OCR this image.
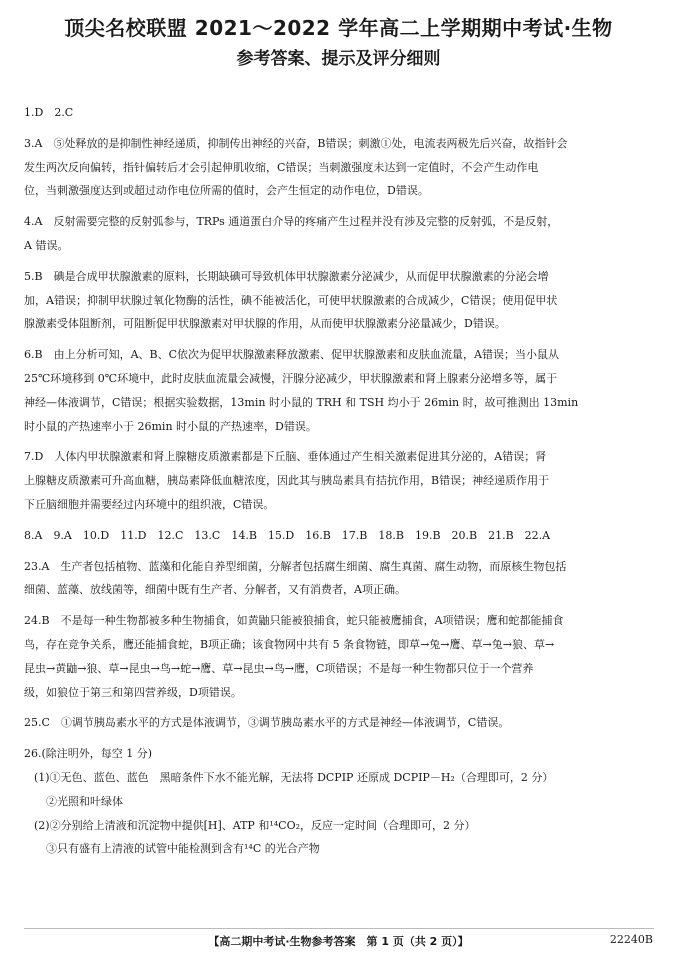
顶尖名校联盟 2021～2022 学年高二上学期期中考试·生物
参考答案、提示及评分细则
1.D　2.C
3.A　⑤处释放的是抑制性神经递质，抑制传出神经的兴奋，B错误；刺激①处，电流表两极先后兴奋，故指针会
发生两次反向偏转，指针偏转后才会引起伸肌收缩，C错误；当刺激强度未达到一定值时，不会产生动作电
位，当刺激强度达到或超过动作电位所需的值时，会产生恒定的动作电位，D错误。
4.A　反射需要完整的反射弧参与，TRPs 通道蛋白介导的疼痛产生过程并没有涉及完整的反射弧，不是反射，
A 错误。
5.B　碘是合成甲状腺激素的原料，长期缺碘可导致机体甲状腺激素分泌减少，从而促甲状腺激素的分泌会增
加，A错误；抑制甲状腺过氧化物酶的活性，碘不能被活化，可使甲状腺激素的合成减少，C错误；使用促甲状
腺激素受体阻断剂，可阻断促甲状腺激素对甲状腺的作用，从而使甲状腺激素分泌量减少，D错误。
6.B　由上分析可知，A、B、C依次为促甲状腺激素释放激素、促甲状腺激素和皮肤血流量，A错误；当小鼠从
25℃环境移到 0℃环境中，此时皮肤血流量会减慢，汗腺分泌减少，甲状腺激素和肾上腺素分泌增多等，属于
神经—体液调节，C错误；根据实验数据，13min 时小鼠的 TRH 和 TSH 均小于 26min 时，故可推测出 13min
时小鼠的产热速率小于 26min 时小鼠的产热速率，D错误。
7.D　人体内甲状腺激素和肾上腺糖皮质激素都是下丘脑、垂体通过产生相关激素促进其分泌的，A错误；肾
上腺糖皮质激素可升高血糖，胰岛素降低血糖浓度，因此其与胰岛素具有拮抗作用，B错误；神经递质作用于
下丘脑细胞并需要经过内环境中的组织液，C错误。
8.A　9.A　10.D　11.D　12.C　13.C　14.B　15.D　16.B　17.B　18.B　19.B　20.B　21.B　22.A
23.A　生产者包括植物、蓝藻和化能自养型细菌，分解者包括腐生细菌、腐生真菌、腐生动物，而原核生物包括
细菌、蓝藻、放线菌等，细菌中既有生产者、分解者，又有消费者，A项正确。
24.B　不是每一种生物都被多种生物捕食，如黄鼬只能被狼捕食，蛇只能被鹰捕食，A项错误；鹰和蛇都能捕食
鸟，存在竞争关系，鹰还能捕食蛇，B项正确；该食物网中共有 5 条食物链，即草→兔→鹰、草→兔→狼、草→
昆虫→黄鼬→狼、草→昆虫→鸟→蛇→鹰、草→昆虫→鸟→鹰，C项错误；不是每一种生物都只位于一个营养
级，如狼位于第三和第四营养级，D项错误。
25.C　①调节胰岛素水平的方式是体液调节，③调节胰岛素水平的方式是神经—体液调节，C错误。
26.(除注明外，每空 1 分)
(1)①无色、蓝色、蓝色　黑暗条件下水不能光解，无法将 DCPIP 还原成 DCPIP－H₂（合理即可，2 分）
②光照和叶绿体
(2)②分别给上清液和沉淀物中提供[H]、ATP 和¹⁴CO₂，反应一定时间（合理即可，2 分）
③只有盛有上清液的试管中能检测到含有¹⁴C 的光合产物
【高二期中考试·生物参考答案　第 1 页（共 2 页）】	22240B
